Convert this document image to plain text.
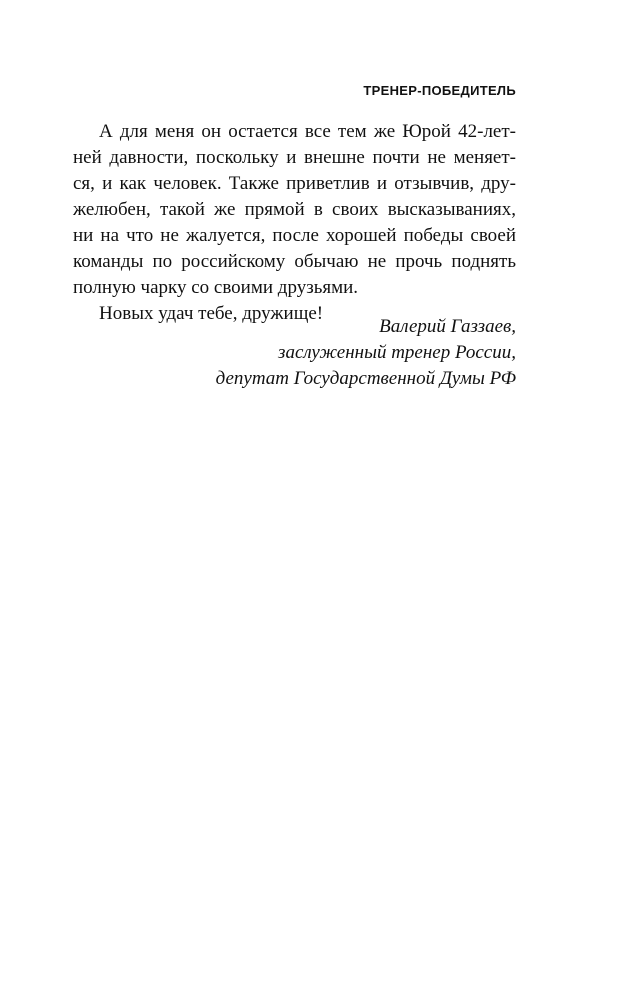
ТРЕНЕР-ПОБЕДИТЕЛЬ
А для меня он остается все тем же Юрой 42-лет-
ней давности, поскольку и внешне почти не меняет-
ся, и как человек. Также приветлив и отзывчив, дру-
желюбен, такой же прямой в своих высказываниях,
ни на что не жалуется, после хорошей победы своей
команды по российскому обычаю не прочь поднять
полную чарку со своими друзьями.
Новых удач тебе, дружище!
Валерий Газзаев,
заслуженный тренер России,
депутат Государственной Думы РФ
